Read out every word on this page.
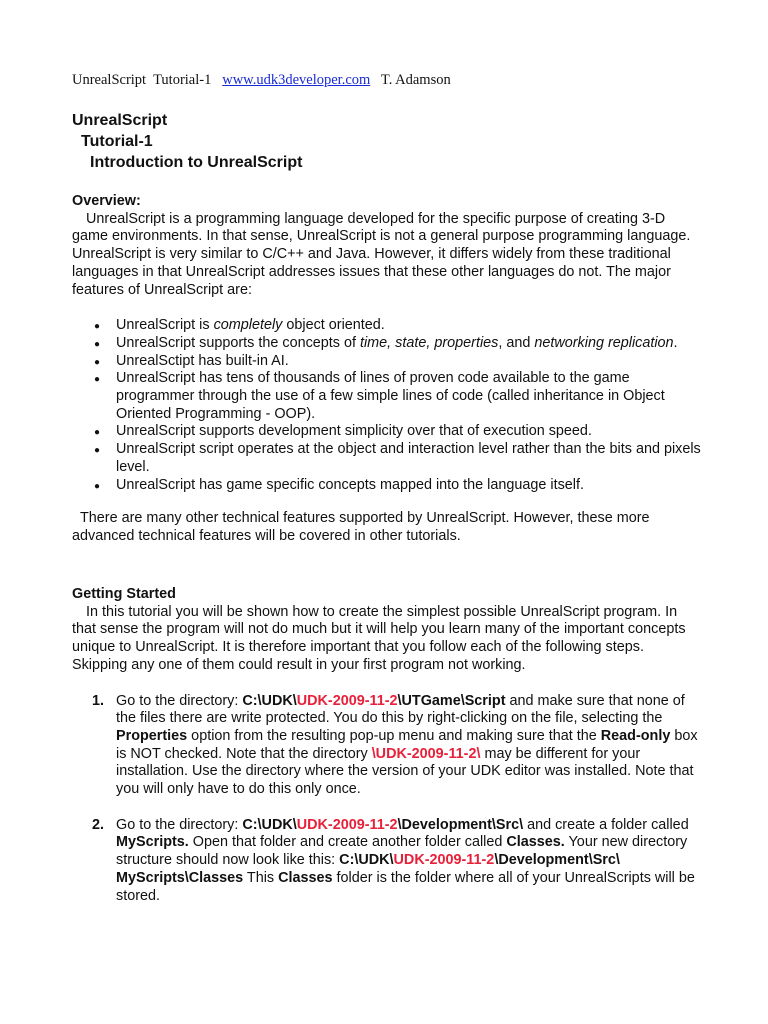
UnrealScript  Tutorial-1 www.udk3developer.com T. Adamson
UnrealScript
Tutorial-1
Introduction to UnrealScript

Overview:

UnrealScript is a programming language developed for the specific purpose of creating 3-D game environments. In that sense, UnrealScript is not a general purpose programming language. UnrealScript is very similar to C/C++ and Java. However, it differs widely from these traditional languages in that UnrealScript addresses issues that these other languages do not. The major features of UnrealScript are:

● UnrealScript is completely object oriented.
● UnrealScript supports the concepts of time, state, properties, and networking replication.
● UnrealSctipt has built-in AI.
● UnrealScript has tens of thousands of lines of proven code available to the game programmer through the use of a few simple lines of code (called inheritance in Object Oriented Programming - OOP).
● UnrealScript supports development simplicity over that of execution speed.
● UnrealScript script operates at the object and interaction level rather than the bits and pixels level.
● UnrealScript has game specific concepts mapped into the language itself.

There are many other technical features supported by UnrealScript. However, these more advanced technical features will be covered in other tutorials.

Getting Started

In this tutorial you will be shown how to create the simplest possible UnrealScript program. In that sense the program will not do much but it will help you learn many of the important concepts unique to UnrealScript. It is therefore important that you follow each of the following steps. Skipping any one of them could result in your first program not working.

1. Go to the directory: C:\UDK\UDK-2009-11-2\UTGame\Script and make sure that none of the files there are write protected. You do this by right-clicking on the file, selecting the Properties option from the resulting pop-up menu and making sure that the Read-only box is NOT checked. Note that the directory \UDK-2009-11-2\ may be different for your installation. Use the directory where the version of your UDK editor was installed. Note that you will only have to do this only once.
2. Go to the directory: C:\UDK\UDK-2009-11-2\Development\Src\ and create a folder called MyScripts. Open that folder and create another folder called Classes. Your new directory structure should now look like this: C:\UDK\UDK-2009-11-2\Development\Src\ MyScripts\Classes This Classes folder is the folder where all of your UnrealScripts will be stored.
